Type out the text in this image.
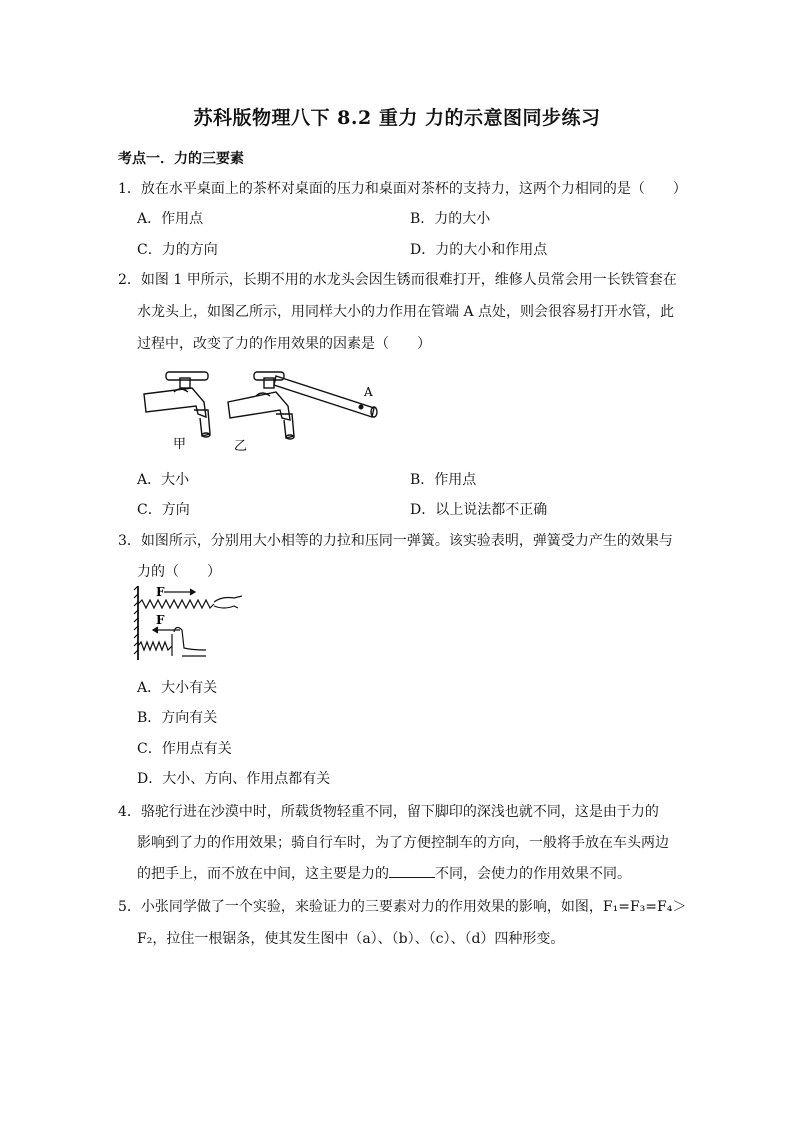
苏科版物理八下 8.2 重力 力的示意图同步练习
考点一．力的三要素
1．放在水平桌面上的茶杯对桌面的压力和桌面对茶杯的支持力，这两个力相同的是（　　）
A．作用点	B．力的大小
C．力的方向	D．力的大小和作用点
2．如图 1 甲所示，长期不用的水龙头会因生锈而很难打开，维修人员常会用一长铁管套在
水龙头上，如图乙所示，用同样大小的力作用在管端 A 点处，则会很容易打开水管，此
过程中，改变了力的作用效果的因素是（　　）
甲	乙
A
A．大小	B．作用点
C．方向	D．以上说法都不正确
3．如图所示，分别用大小相等的力拉和压同一弹簧。该实验表明，弹簧受力产生的效果与
力的（　　）
F
F
A．大小有关
B．方向有关
C．作用点有关
D．大小、方向、作用点都有关
4．骆驼行进在沙漠中时，所载货物轻重不同，留下脚印的深浅也就不同，这是由于力的
影响到了力的作用效果；骑自行车时，为了方便控制车的方向，一般将手放在车头两边
的把手上，而不放在中间，这主要是力的	不同，会使力的作用效果不同。
5．小张同学做了一个实验，来验证力的三要素对力的作用效果的影响，如图，F₁=F₃=F₄＞
F₂，拉住一根锯条，使其发生图中（a）、（b）、（c）、（d）四种形变。
